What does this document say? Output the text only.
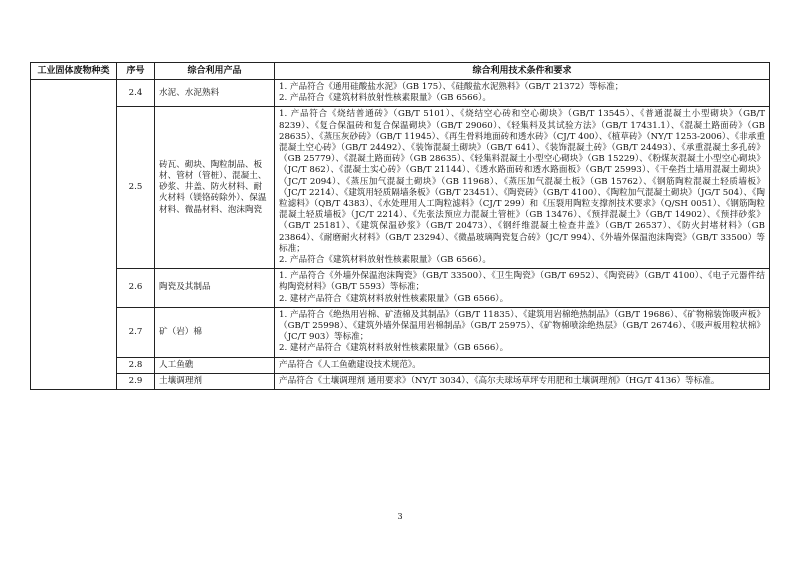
工业固体废物种类	序号	综合利用产品	综合利用技术条件和要求
	2.4	水泥、水泥熟料	1. 产品符合《通用硅酸盐水泥》（GB 175）、《硅酸盐水泥熟料》（GB/T 21372）等标准；
2. 产品符合《建筑材料放射性核素限量》（GB 6566）。

	2.5	砖瓦、砌块、陶粒制品、板材、管材（管桩）、混凝土、砂浆、井盖、防火材料、耐火材料（镁铬砖除外）、保温材料、微晶材料、泡沫陶瓷	1. 产品符合《烧结普通砖》（GB/T 5101）、《烧结空心砖和空心砌块》（GB/T 13545）、《普通混凝土小型砌块》（GB/T 8239）、《复合保温砖和复合保温砌块》（GB/T 29060）、《轻集料及其试验方法》（GB/T 17431.1）、《混凝土路面砖》（GB 28635）、《蒸压灰砂砖》（GB/T 11945）、《再生骨料地面砖和透水砖》（CJ/T 400）、《植草砖》（NY/T 1253-2006）、《非承重混凝土空心砖》（GB/T 24492）、《装饰混凝土砌块》（GB/T 641）、《装饰混凝土砖》（GB/T 24493）、《承重混凝土多孔砖》（GB 25779）、《混凝土路面砖》（GB 28635）、《轻集料混凝土小型空心砌块》（GB 15229）、《粉煤灰混凝土小型空心砌块》（JC/T 862）、《混凝土实心砖》（GB/T 21144）、《透水路面砖和透水路面板》（GB/T 25993）、《干垒挡土墙用混凝土砌块》（JC/T 2094）、《蒸压加气混凝土砌块》（GB 11968）、《蒸压加气混凝土板》（GB 15762）、《钢筋陶粒混凝土轻质墙板》（JC/T 2214）、《建筑用轻质隔墙条板》（GB/T 23451）、《陶瓷砖》（GB/T 4100）、《陶粒加气混凝土砌块》（JG/T 504）、《陶粒滤料》（QB/T 4383）、《水处理用人工陶粒滤料》（CJ/T 299）和《压裂用陶粒支撑剂技术要求》（Q/SH 0051）、《钢筋陶粒混凝土轻质墙板》（JC/T 2214）、《先张法预应力混凝土管桩》（GB 13476）、《预拌混凝土》（GB/T 14902）、《预拌砂浆》（GB/T 25181）、《建筑保温砂浆》（GB/T 20473）、《钢纤维混凝土检查井盖》（GB/T 26537）、《防火封堵材料》（GB 23864）、《耐磨耐火材料》（GB/T 23294）、《微晶玻璃陶瓷复合砖》（JC/T 994）、《外墙外保温泡沫陶瓷》（GB/T 33500）等标准；
2. 产品符合《建筑材料放射性核素限量》（GB 6566）。

	2.6	陶瓷及其制品	1. 产品符合《外墙外保温泡沫陶瓷》（GB/T 33500）、《卫生陶瓷》（GB/T 6952）、《陶瓷砖》（GB/T 4100）、《电子元器件结构陶瓷材料》（GB/T 5593）等标准；
2. 建材产品符合《建筑材料放射性核素限量》（GB 6566）。

	2.7	矿（岩）棉	1. 产品符合《绝热用岩棉、矿渣棉及其制品》（GB/T 11835）、《建筑用岩棉绝热制品》（GB/T 19686）、《矿物棉装饰吸声板》（GB/T 25998）、《建筑外墙外保温用岩棉制品》（GB/T 25975）、《矿物棉喷涂绝热层》（GB/T 26746）、《吸声板用粒状棉》（JC/T 903）等标准；
2. 建材产品符合《建筑材料放射性核素限量》（GB 6566）。

	2.8	人工鱼礁	产品符合《人工鱼礁建设技术规范》。

	2.9	土壤调理剂	产品符合《土壤调理剂 通用要求》（NY/T 3034）、《高尔夫球场草坪专用肥和土壤调理剂》（HG/T 4136）等标准。
3
